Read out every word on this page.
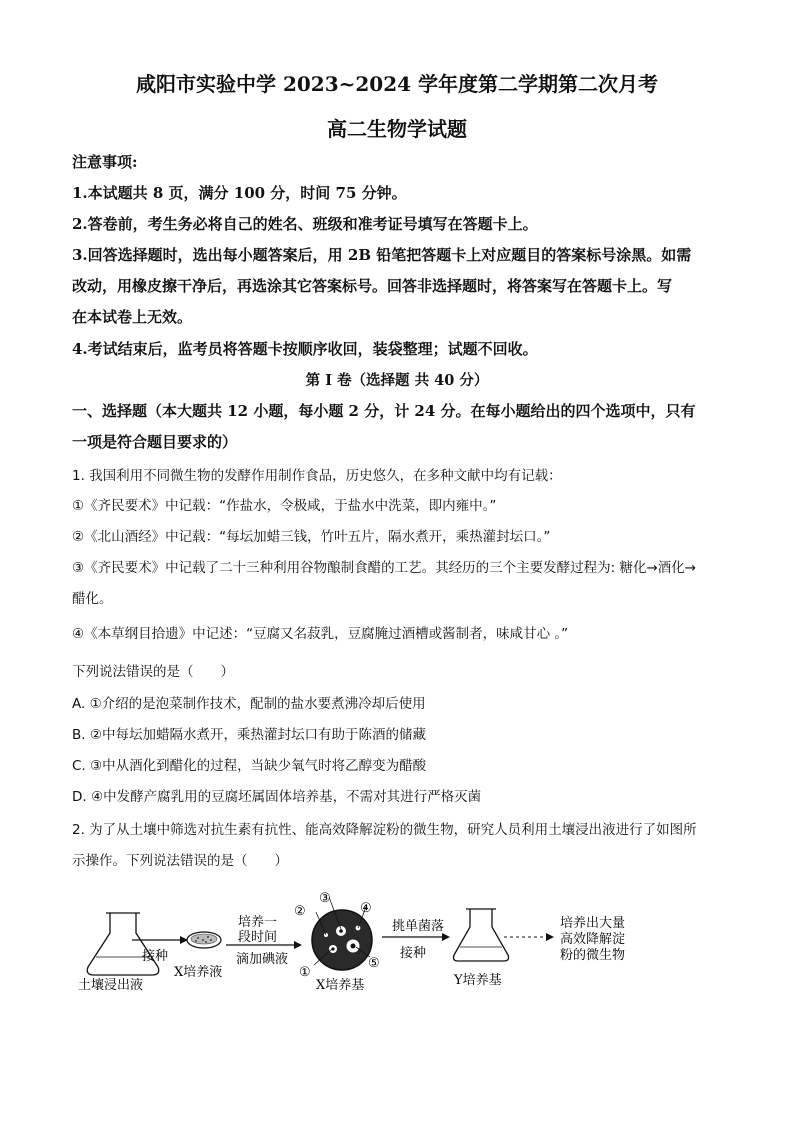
咸阳市实验中学 2023~2024 学年度第二学期第二次月考
高二生物学试题
注意事项:
1.本试题共 8 页，满分 100 分，时间 75 分钟。
2.答卷前，考生务必将自己的姓名、班级和准考证号填写在答题卡上。
3.回答选择题时，选出每小题答案后，用 2B 铅笔把答题卡上对应题目的答案标号涂黑。如需
改动，用橡皮擦干净后，再选涂其它答案标号。回答非选择题时，将答案写在答题卡上。写
在本试卷上无效。
4.考试结束后，监考员将答题卡按顺序收回，装袋整理；试题不回收。
第 I 卷（选择题 共 40 分）
一、选择题（本大题共 12 小题，每小题 2 分，计 24 分。在每小题给出的四个选项中，只有
一项是符合题目要求的）
1. 我国利用不同微生物的发酵作用制作食品，历史悠久，在多种文献中均有记载：
①《齐民要术》中记载：“作盐水，令极咸，于盐水中洗菜，即内雍中。”
②《北山酒经》中记载：“每坛加蜡三钱，竹叶五片，隔水煮开，乘热灌封坛口。”
③《齐民要术》中记载了二十三种利用谷物酿制食醋的工艺。其经历的三个主要发酵过程为: 糖化→酒化→
醋化。
④《本草纲目拾遗》中记述：“豆腐又名菽乳，豆腐腌过酒槽或酱制者，味咸甘心 。”
下列说法错误的是（　　）
A. ①介绍的是泡菜制作技术，配制的盐水要煮沸冷却后使用
B. ②中每坛加蜡隔水煮开，乘热灌封坛口有助于陈酒的储藏
C. ③中从酒化到醋化的过程，当缺少氧气时将乙醇变为醋酸
D. ④中发酵产腐乳用的豆腐坯属固体培养基，不需对其进行严格灭菌
2. 为了从土壤中筛选对抗生素有抗性、能高效降解淀粉的微生物，研究人员利用土壤浸出液进行了如图所
示操作。下列说法错误的是（　　）
土壤浸出液
接种
X培养液
培养一
段时间
滴加碘液
①
②
③
④
⑤
X培养基
挑单菌落
接种
Y培养基
培养出大量
高效降解淀
粉的微生物
